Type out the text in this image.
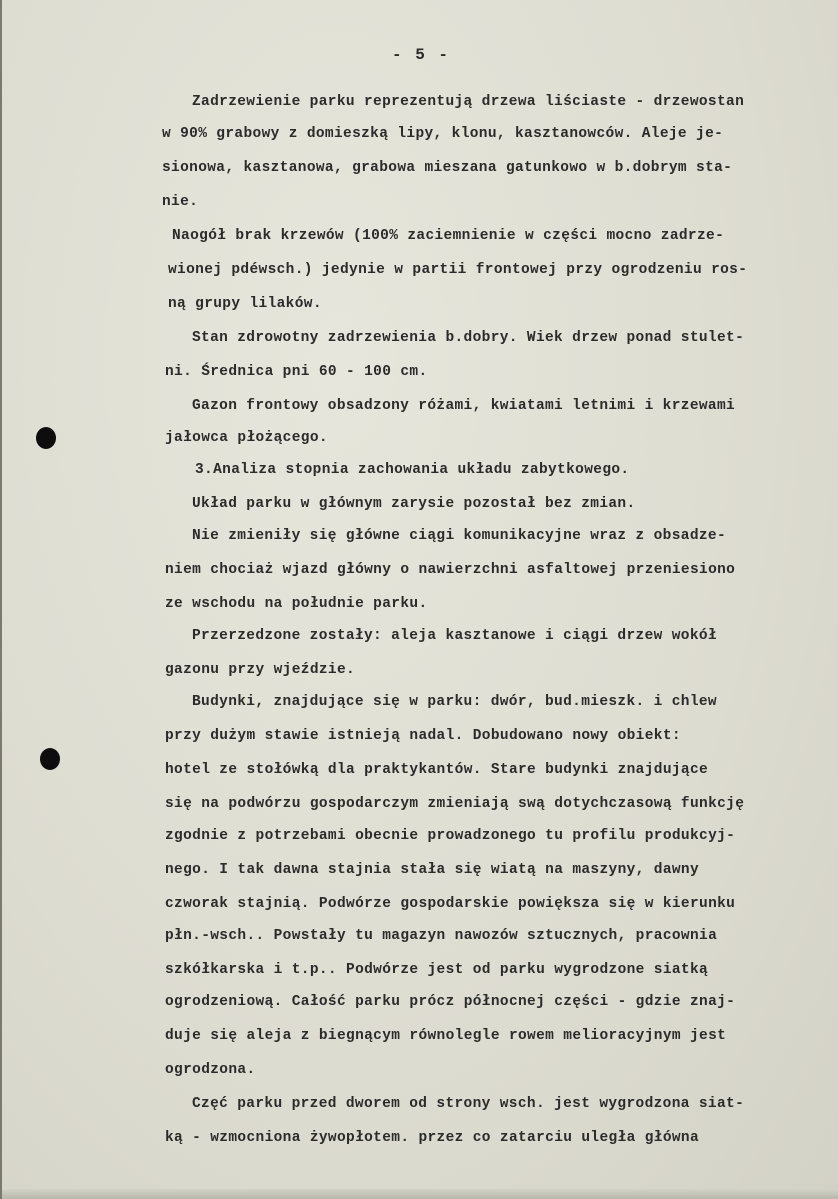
- 5 -
Zadrzewienie parku reprezentują drzewa liściaste - drzewostan
w 90% grabowy z domieszką lipy, klonu, kasztanowców. Aleje je-
sionowa, kasztanowa, grabowa mieszana gatunkowo w b.dobrym sta-
nie.
Naogół brak krzewów (100% zaciemnienie w części mocno zadrze-
wionej pdéwsch.) jedynie w partii frontowej przy ogrodzeniu ros-
ną grupy lilaków.
Stan zdrowotny zadrzewienia b.dobry. Wiek drzew ponad stulet-
ni. Średnica pni 60 - 100 cm.
Gazon frontowy obsadzony różami, kwiatami letnimi i krzewami
jałowca płożącego.
3.Analiza stopnia zachowania układu zabytkowego.
Układ parku w głównym zarysie pozostał bez zmian.
Nie zmieniły się główne ciągi komunikacyjne wraz z obsadze-
niem chociaż wjazd główny o nawierzchni asfaltowej przeniesiono
ze wschodu na południe parku.
Przerzedzone zostały: aleja kasztanowe i ciągi drzew wokół
gazonu przy wjeździe.
Budynki, znajdujące się w parku: dwór, bud.mieszk. i chlew
przy dużym stawie istnieją nadal. Dobudowano nowy obiekt:
hotel ze stołówką dla praktykantów. Stare budynki znajdujące
się na podwórzu gospodarczym zmieniają swą dotychczasową funkcję
zgodnie z potrzebami obecnie prowadzonego tu profilu produkcyj-
nego. I tak dawna stajnia stała się wiatą na maszyny, dawny
czworak stajnią. Podwórze gospodarskie powiększa się w kierunku
płn.-wsch.. Powstały tu magazyn nawozów sztucznych, pracownia
szkółkarska i t.p.. Podwórze jest od parku wygrodzone siatką
ogrodzeniową. Całość parku prócz północnej części - gdzie znaj-
duje się aleja z biegnącym równolegle rowem melioracyjnym jest
ogrodzona.
Częć parku przed dworem od strony wsch. jest wygrodzona siat-
ką - wzmocniona żywopłotem. przez co zatarciu uległa główna
